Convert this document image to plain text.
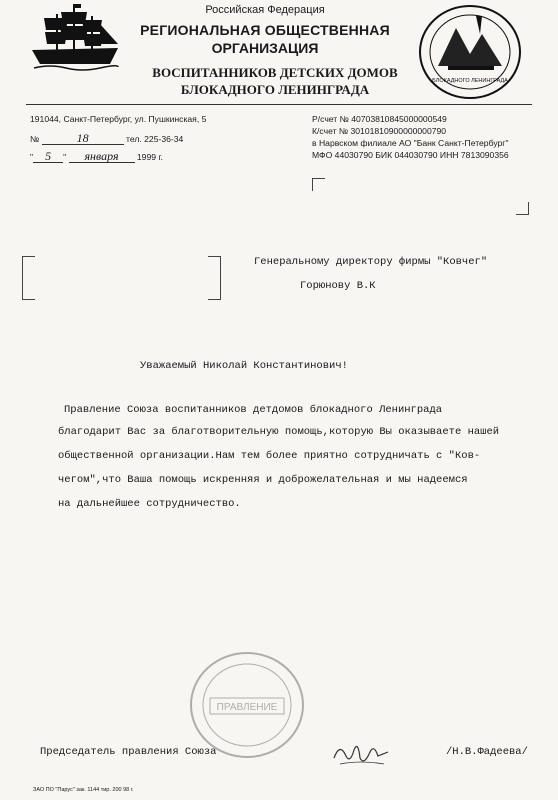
Российская Федерация
РЕГИОНАЛЬНАЯ ОБЩЕСТВЕННАЯ
ОРГАНИЗАЦИЯ
ВОСПИТАННИКОВ ДЕТСКИХ ДОМОВ
БЛОКАДНОГО ЛЕНИНГРАДА
БЛОКАДНОГО ЛЕНИНГРАДА
191044, Санкт-Петербург, ул. Пушкинская, 5
№	18	тел. 225-36-34
" 5 " января 1999 г.
Р/счет № 40703810845000000549
К/счет № 30101810900000000790
в Нарвском филиале АО "Банк Санкт-Петербург"
МФО 44030790 БИК 044030790 ИНН 7813090356
Генеральному директору фирмы "Ковчег"
Горюнову В.К
Уважаемый Николай Константинович!
Правление Союза воспитанников детдомов блокадного Ленинграда
благодарит Вас за благотворительную помощь,которую Вы оказываете нашей
общественной организации.Нам тем более приятно сотрудничать с "Ков-
чегом",что Ваша помощь искренняя и доброжелательная и мы надеемся
на дальнейшее сотрудничество.
ПРАВЛЕНИЕ
Председатель правления Союза	/Н.В.Фадеева/
ЗАО ПО "Парус" зак. 1144 тир. 200 98 г.
